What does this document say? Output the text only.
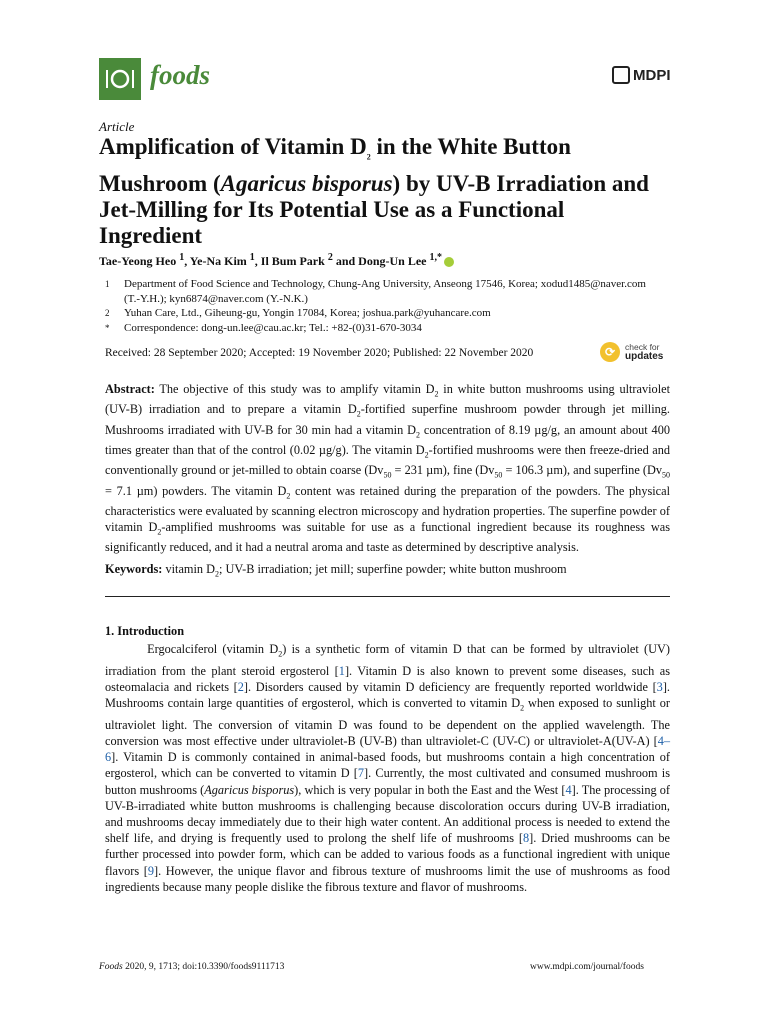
foods	MDPI
Article
Amplification of Vitamin $D_2$ in the White Button Mushroom (Agaricus bisporus) by UV-B Irradiation and Jet-Milling for Its Potential Use as a Functional Ingredient
Tae-Yeong Heo $^1$, Ye-Na Kim $^1$, Il Bum Park $^2$ and Dong-Un Lee $^{1,*}$
1 Department of Food Science and Technology, Chung-Ang University, Anseong 17546, Korea; xodud1485@naver.com (T.-Y.H.); kyn6874@naver.com (Y.-N.K.)
2 Yuhan Care, Ltd., Giheung-gu, Yongin 17084, Korea; joshua.park@yuhancare.com
* Correspondence: dong-un.lee@cau.ac.kr; Tel.: +82-(0)31-670-3034
Received: 28 September 2020; Accepted: 19 November 2020; Published: 22 November 2020	⟳	check for
updates

Abstract: The objective of this study was to amplify vitamin $D_2$ in white button mushrooms using ultraviolet (UV-B) irradiation and to prepare a vitamin $D_2$-fortified superfine mushroom powder through jet milling. Mushrooms irradiated with UV-B for 30 min had a vitamin $D_2$ concentration of 8.19 µg/g, an amount about 400 times greater than that of the control (0.02 µg/g). The vitamin $D_2$-fortified mushrooms were then freeze-dried and conventionally ground or jet-milled to obtain coarse ($Dv_{50} = 231$ µm), fine ($Dv_{50} = 106.3$ µm), and superfine ($Dv_{50} = 7.1$ µm) powders. The vitamin $D_2$ content was retained during the preparation of the powders. The physical characteristics were evaluated by scanning electron microscopy and hydration properties. The superfine powder of vitamin $D_2$-amplified mushrooms was suitable for use as a functional ingredient because its roughness was significantly reduced, and it had a neutral aroma and taste as determined by descriptive analysis.

Keywords: vitamin $D_2$; UV-B irradiation; jet mill; superfine powder; white button mushroom
1. Introduction

Ergocalciferol (vitamin $D_2$) is a synthetic form of vitamin D that can be formed by ultraviolet (UV) irradiation from the plant steroid ergosterol [1]. Vitamin D is also known to prevent some diseases, such as osteomalacia and rickets [2]. Disorders caused by vitamin D deficiency are frequently reported worldwide [3]. Mushrooms contain large quantities of ergosterol, which is converted to vitamin $D_2$ when exposed to sunlight or ultraviolet light. The conversion of vitamin D was found to be dependent on the applied wavelength. The conversion was most effective under ultraviolet-B (UV-B) than ultraviolet-C (UV-C) or ultraviolet-A(UV-A) [4–6]. Vitamin D is commonly contained in animal-based foods, but mushrooms contain a high concentration of ergosterol, which can be converted to vitamin D [7]. Currently, the most cultivated and consumed mushroom is button mushrooms (Agaricus bisporus), which is very popular in both the East and the West [4]. The processing of UV-B-irradiated white button mushrooms is challenging because discoloration occurs during UV-B irradiation, and mushrooms decay immediately due to their high water content. An additional process is needed to extend the shelf life, and drying is frequently used to prolong the shelf life of mushrooms [8]. Dried mushrooms can be further processed into powder form, which can be added to various foods as a functional ingredient with unique flavors [9]. However, the unique flavor and fibrous texture of mushrooms limit the use of mushrooms as food ingredients because many people dislike the fibrous texture and flavor of mushrooms.

Foods 2020, 9, 1713; doi:10.3390/foods9111713	www.mdpi.com/journal/foods
